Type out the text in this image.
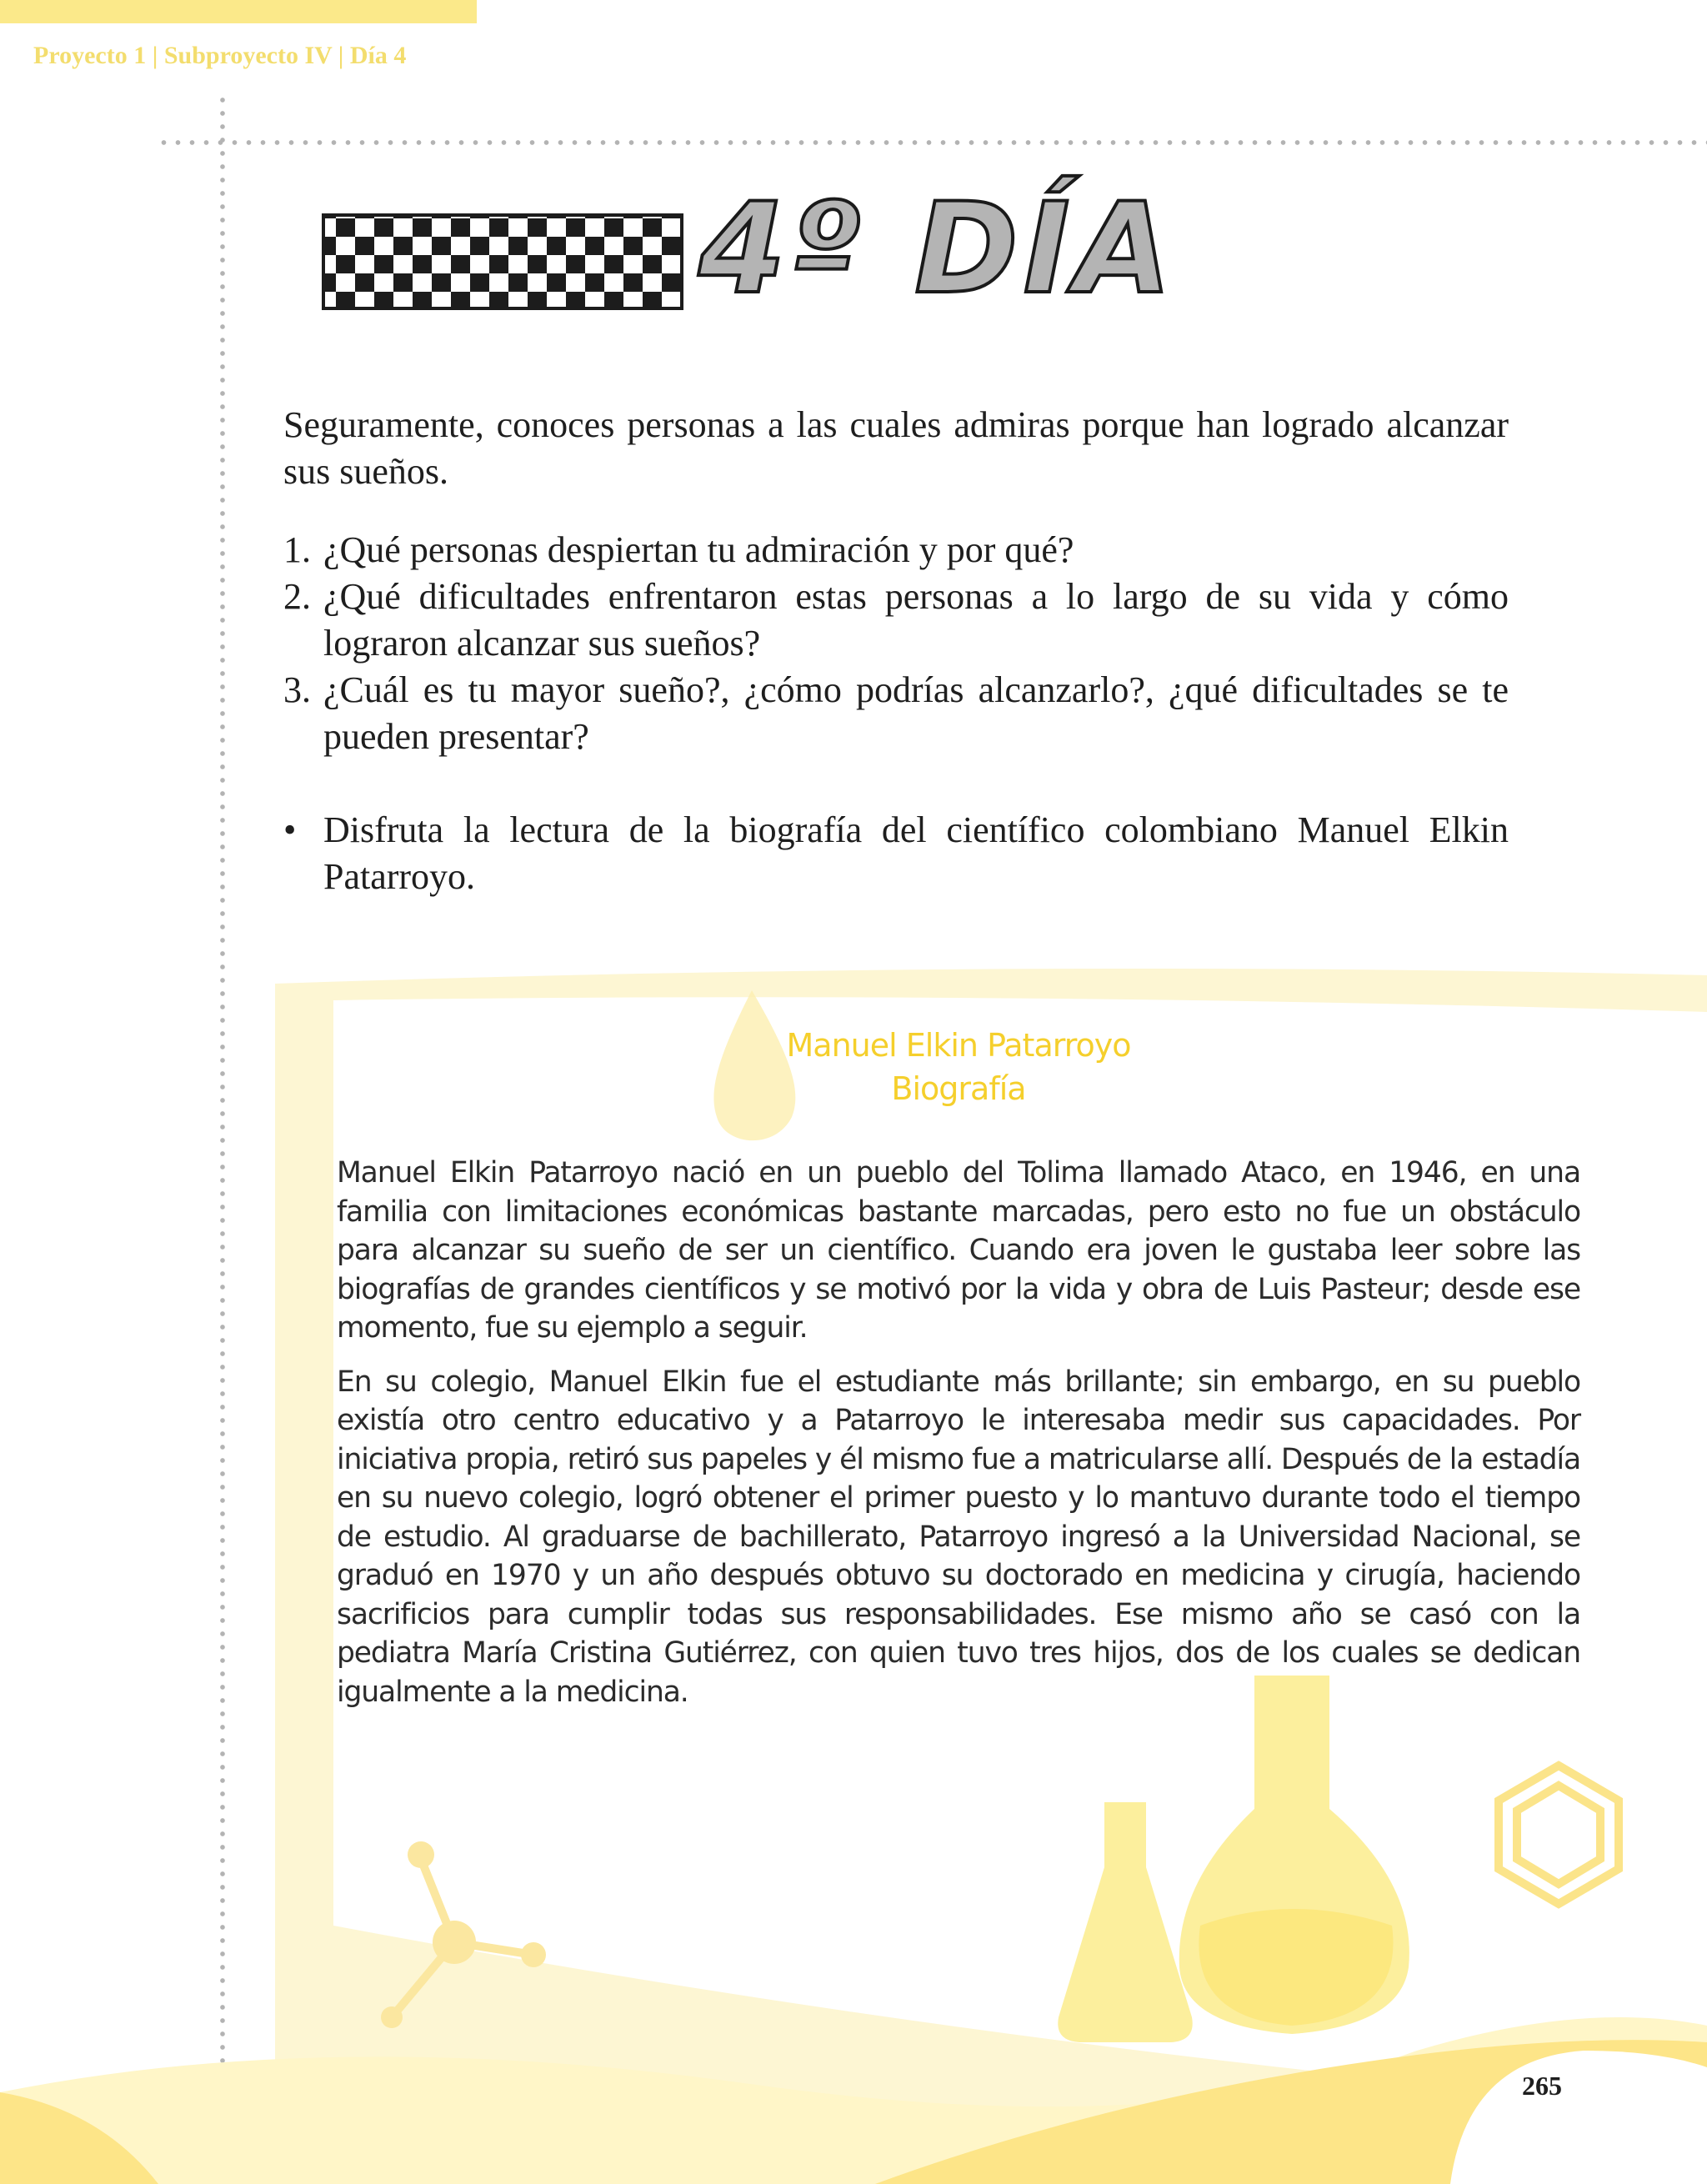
Proyecto 1 | Subproyecto IV | Día 4
4º DÍA

Seguramente, conoces personas a las cuales admiras porque han logrado alcanzar sus sueños.

1. ¿Qué personas despiertan tu admiración y por qué?
2. ¿Qué dificultades enfrentaron estas personas a lo largo de su vida y cómo lograron alcanzar sus sueños?
3. ¿Cuál es tu mayor sueño?, ¿cómo podrías alcanzarlo?, ¿qué dificultades se te pueden presentar?
• Disfruta la lectura de la biografía del científico colombiano Manuel Elkin Patarroyo.
Manuel Elkin Patarroyo
Biografía

Manuel Elkin Patarroyo nació en un pueblo del Tolima llamado Ataco, en 1946, en una familia con limitaciones económicas bastante marcadas, pero esto no fue un obstáculo para alcanzar su sueño de ser un científico. Cuando era joven le gustaba leer sobre las biografías de grandes científicos y se motivó por la vida y obra de Luis Pasteur; desde ese momento, fue su ejemplo a seguir.

En su colegio, Manuel Elkin fue el estudiante más brillante; sin embargo, en su pueblo existía otro centro educativo y a Patarroyo le interesaba medir sus capacidades. Por iniciativa propia, retiró sus papeles y él mismo fue a matricularse allí. Después de la estadía en su nuevo colegio, logró obtener el primer puesto y lo mantuvo durante todo el tiempo de estudio. Al graduarse de bachillerato, Patarroyo ingresó a la Universidad Nacional, se graduó en 1970 y un año después obtuvo su doctorado en medicina y cirugía, haciendo sacrificios para cumplir todas sus responsabilidades. Ese mismo año se casó con la pediatra María Cristina Gutiérrez, con quien tuvo tres hijos, dos de los cuales se dedican igualmente a la medicina.

265
